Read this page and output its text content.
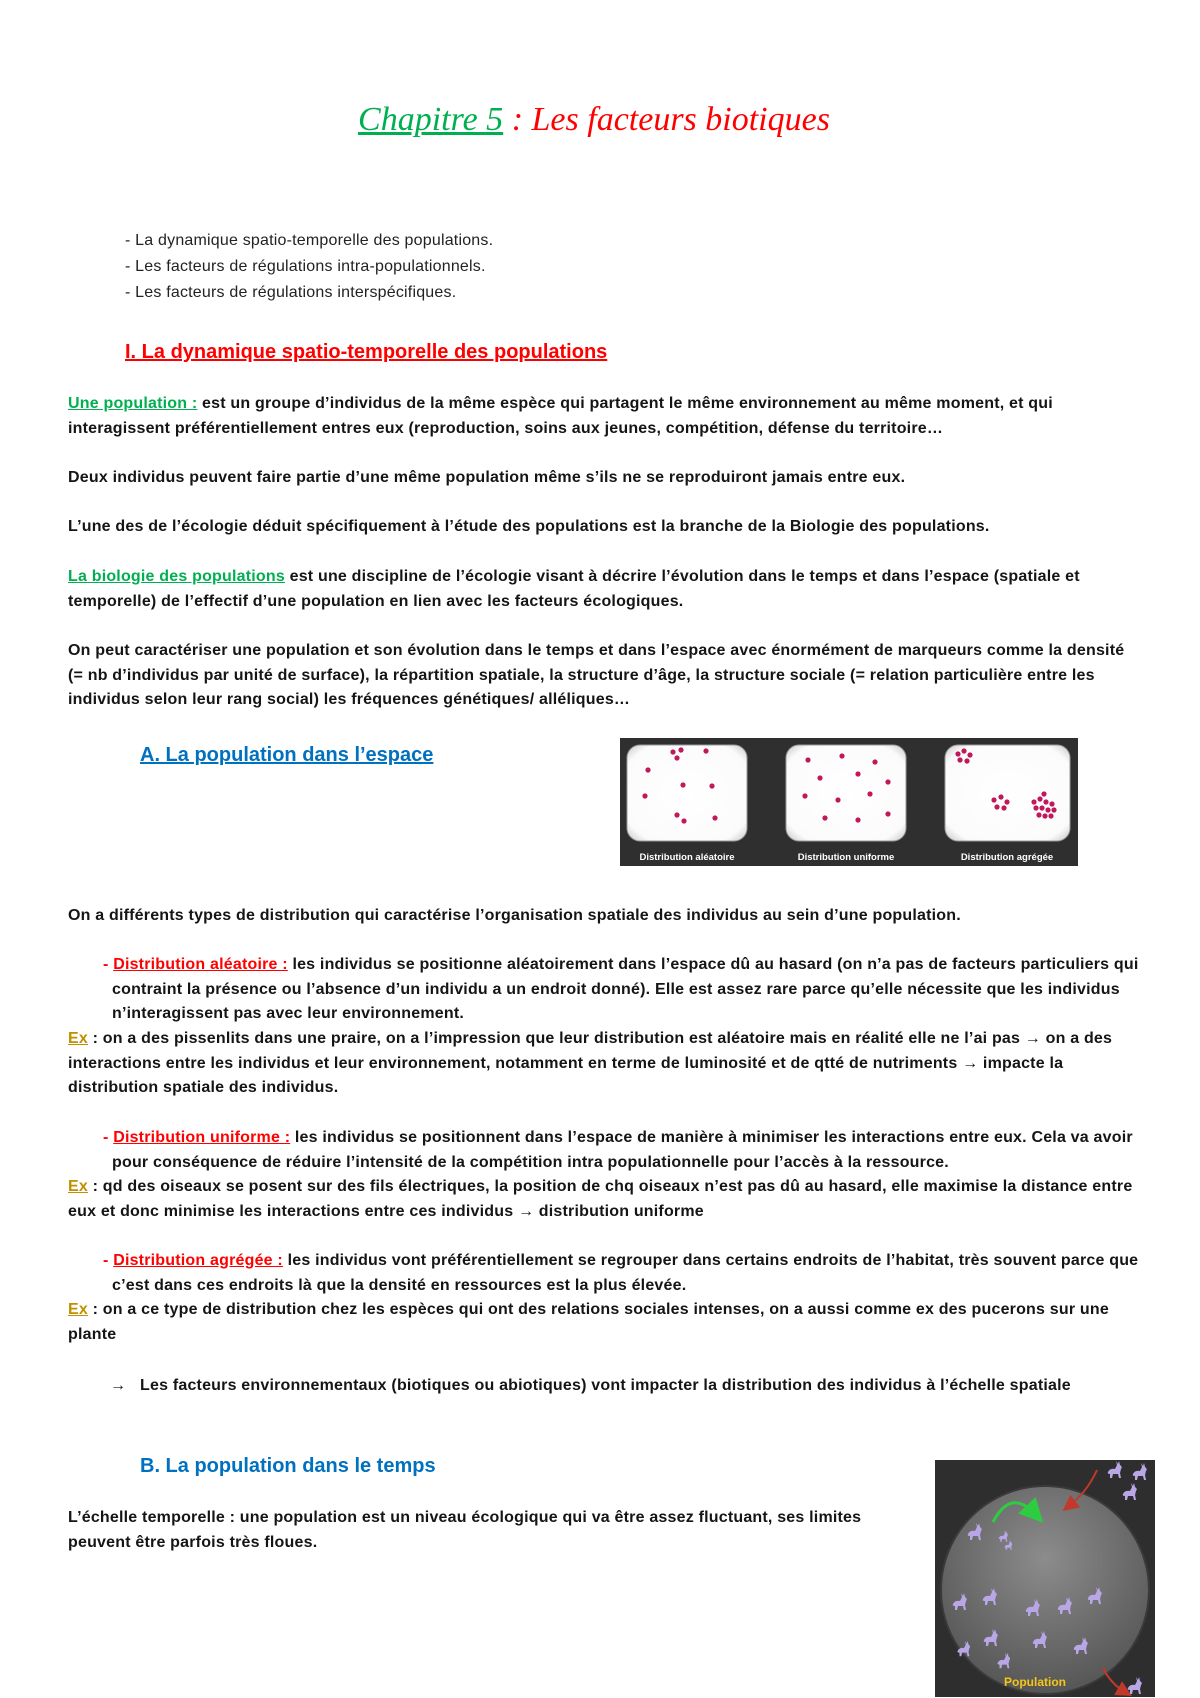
Chapitre 5 : Les facteurs biotiques
- La dynamique spatio-temporelle des populations.
- Les facteurs de régulations intra-populationnels.
- Les facteurs de régulations interspécifiques.
I. La dynamique spatio-temporelle des populations
Une population : est un groupe d’individus de la même espèce qui partagent le même environnement au même moment, et qui interagissent préférentiellement entres eux (reproduction, soins aux jeunes, compétition, défense du territoire…
Deux individus peuvent faire partie d’une même population même s’ils ne se reproduiront jamais entre eux.
L’une des de l’écologie déduit spécifiquement à l’étude des populations est la branche de la Biologie des populations.
La biologie des populations est une discipline de l’écologie visant à décrire l’évolution dans le temps et dans l’espace (spatiale et temporelle) de l’effectif d’une population en lien avec les facteurs écologiques.
On peut caractériser une population et son évolution dans le temps et dans l’espace avec énormément de marqueurs comme la densité (= nb d’individus par unité de surface), la répartition spatiale, la structure d’âge, la structure sociale (= relation particulière entre les individus selon leur rang social) les fréquences génétiques/ alléliques…
A. La population dans l’espace
Distribution aléatoire	Distribution uniforme	Distribution agrégée
On a différents types de distribution qui caractérise l’organisation spatiale des individus au sein d’une population.
- Distribution aléatoire : les individus se positionne aléatoirement dans l’espace dû au hasard (on n’a pas de facteurs particuliers qui contraint la présence ou l’absence d’un individu a un endroit donné). Elle est assez rare parce qu’elle nécessite que les individus n’interagissent pas avec leur environnement.
Ex : on a des pissenlits dans une praire, on a l’impression que leur distribution est aléatoire mais en réalité elle ne l’ai pas → on a des interactions entre les individus et leur environnement, notamment en terme de luminosité et de qtté de nutriments → impacte la distribution spatiale des individus.
- Distribution uniforme : les individus se positionnent dans l’espace de manière à minimiser les interactions entre eux. Cela va avoir pour conséquence de réduire l’intensité de la compétition intra populationnelle pour l’accès à la ressource.
Ex : qd des oiseaux se posent sur des fils électriques, la position de chq oiseaux n’est pas dû au hasard, elle maximise la distance entre eux et donc minimise les interactions entre ces individus → distribution uniforme
- Distribution agrégée : les individus vont préférentiellement se regrouper dans certains endroits de l’habitat, très souvent parce que c’est dans ces endroits là que la densité en ressources est la plus élevée.
Ex : on a ce type de distribution chez les espèces qui ont des relations sociales intenses, on a aussi comme ex des pucerons sur une plante
→ Les facteurs environnementaux (biotiques ou abiotiques) vont impacter la distribution des individus à l’échelle spatiale
B. La population dans le temps
L’échelle temporelle : une population est un niveau écologique qui va être assez fluctuant, ses limites peuvent être parfois très floues.
Population
